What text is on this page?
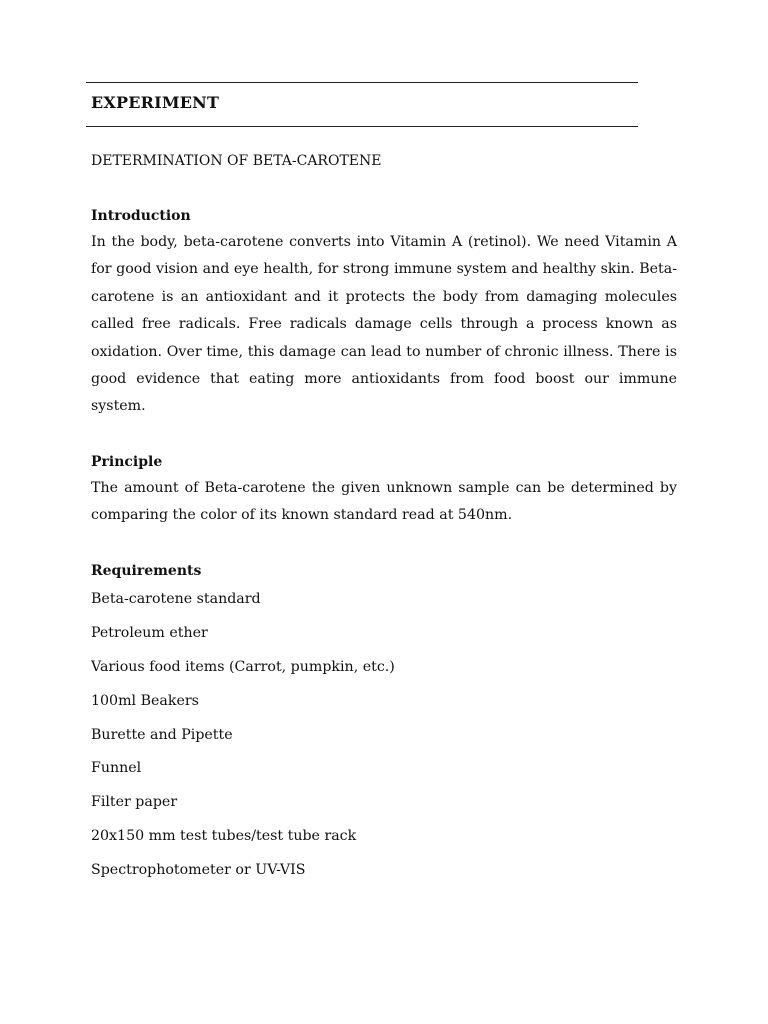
EXPERIMENT
DETERMINATION OF BETA-CAROTENE
Introduction
In the body, beta-carotene converts into Vitamin A (retinol). We need Vitamin A for good vision and eye health, for strong immune system and healthy skin. Beta-carotene is an antioxidant and it protects the body from damaging molecules called free radicals. Free radicals damage cells through a process known as oxidation. Over time, this damage can lead to number of chronic illness. There is good evidence that eating more antioxidants from food boost our immune system.
Principle
The amount of Beta-carotene the given unknown sample can be determined by comparing the color of its known standard read at 540nm.
Requirements
Beta-carotene standard
Petroleum ether
Various food items (Carrot, pumpkin, etc.)
100ml Beakers
Burette and Pipette
Funnel
Filter paper
20x150 mm test tubes/test tube rack
Spectrophotometer or UV-VIS
